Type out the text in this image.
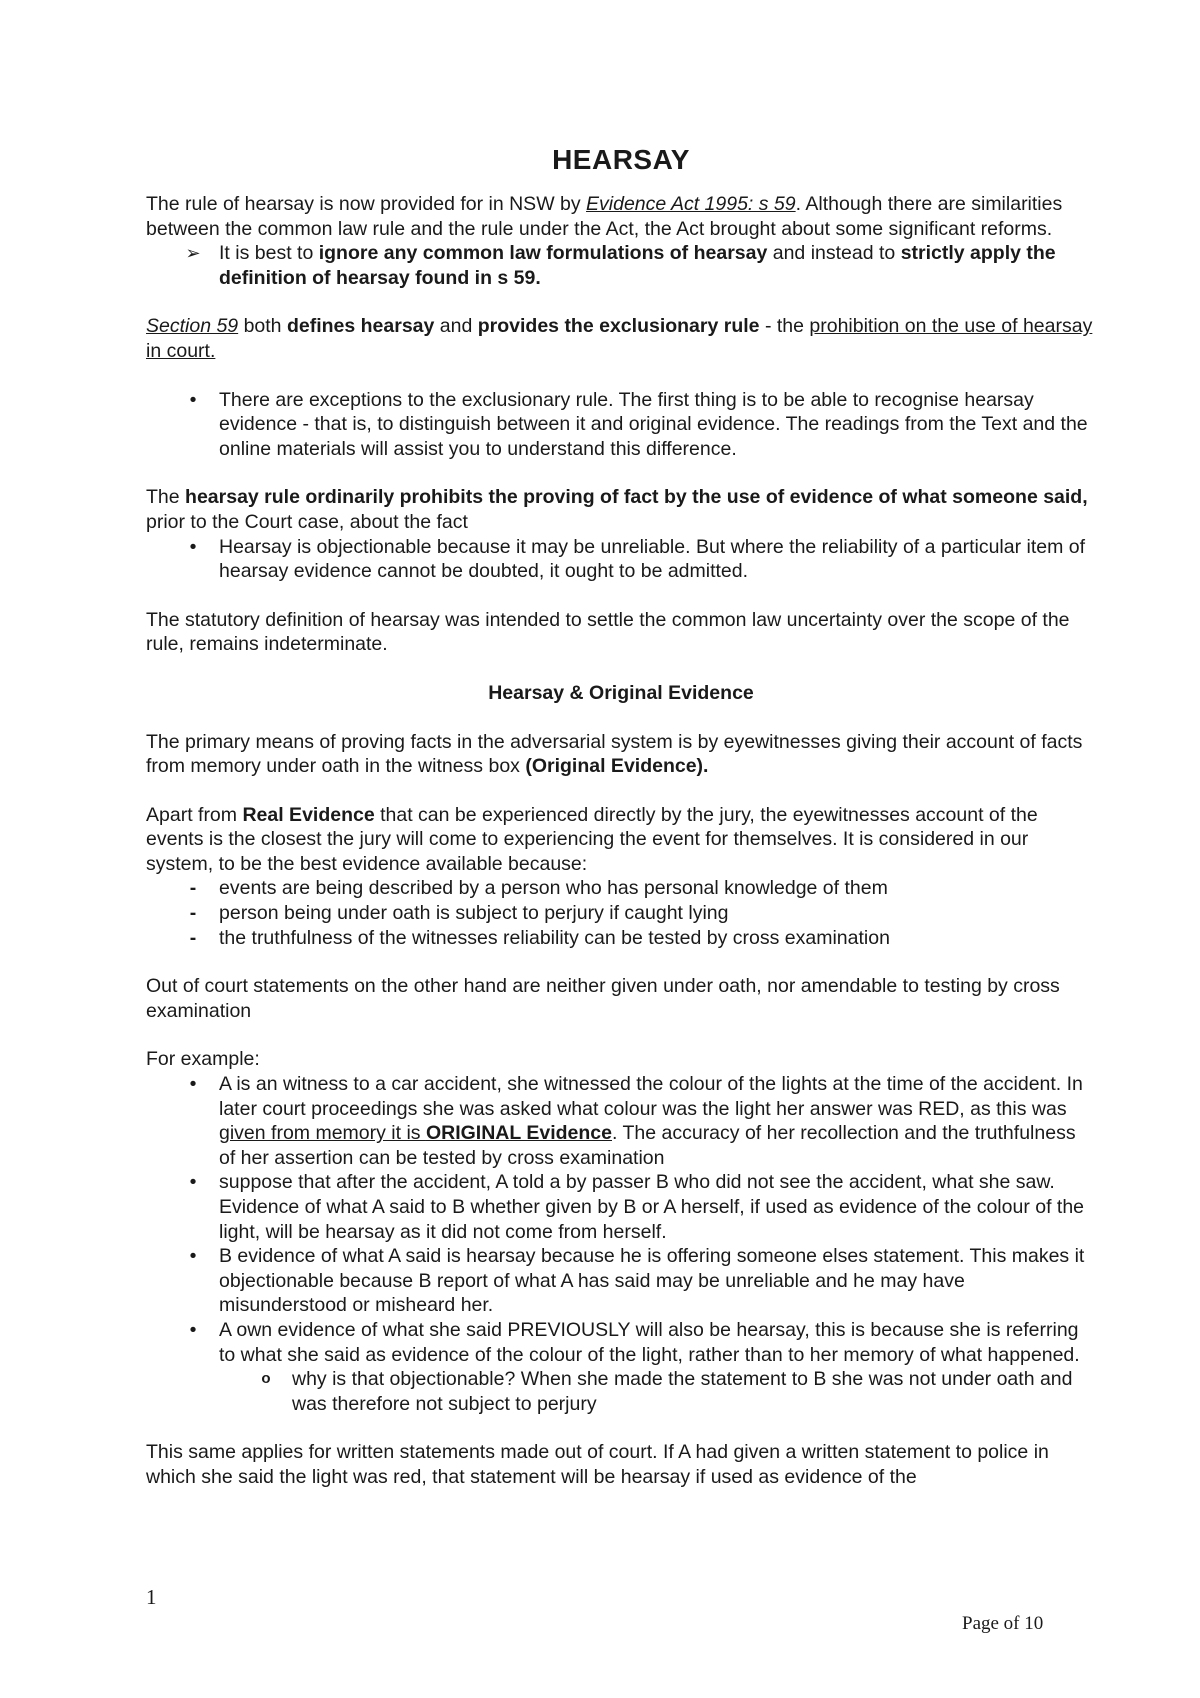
HEARSAY

The rule of hearsay is now provided for in NSW by Evidence Act 1995: s 59. Although there are similarities between the common law rule and the rule under the Act, the Act brought about some significant reforms.

➢ It is best to ignore any common law formulations of hearsay and instead to strictly apply the definition of hearsay found in s 59.

Section 59 both defines hearsay and provides the exclusionary rule - the prohibition on the use of hearsay in court.

•	There are exceptions to the exclusionary rule. The first thing is to be able to recognise hearsay evidence - that is, to distinguish between it and original evidence. The readings from the Text and the online materials will assist you to understand this difference.

The hearsay rule ordinarily prohibits the proving of fact by the use of evidence of what someone said, prior to the Court case, about the fact

•	Hearsay is objectionable because it may be unreliable. But where the reliability of a particular item of hearsay evidence cannot be doubted, it ought to be admitted.

The statutory definition of hearsay was intended to settle the common law uncertainty over the scope of the rule, remains indeterminate.

Hearsay & Original Evidence

The primary means of proving facts in the adversarial system is by eyewitnesses giving their account of facts from memory under oath in the witness box (Original Evidence).

Apart from Real Evidence that can be experienced directly by the jury, the eyewitnesses account of the events is the closest the jury will come to experiencing the event for themselves. It is considered in our system, to be the best evidence available because:

-	events are being described by a person who has personal knowledge of them
-	person being under oath is subject to perjury if caught lying
-	the truthfulness of the witnesses reliability can be tested by cross examination

Out of court statements on the other hand are neither given under oath, nor amendable to testing by cross examination

For example:

•	A is an witness to a car accident, she witnessed the colour of the lights at the time of the accident. In later court proceedings she was asked what colour was the light her answer was RED, as this was given from memory it is ORIGINAL Evidence. The accuracy of her recollection and the truthfulness of her assertion can be tested by cross examination
•	suppose that after the accident, A told a by passer B who did not see the accident, what she saw. Evidence of what A said to B whether given by B or A herself, if used as evidence of the colour of the light, will be hearsay as it did not come from herself.
•	B evidence of what A said is hearsay because he is offering someone elses statement. This makes it objectionable because B report of what A has said may be unreliable and he may have misunderstood or misheard her.
•	A own evidence of what she said PREVIOUSLY will also be hearsay, this is because she is referring to what she said as evidence of the colour of the light, rather than to her memory of what happened.
o	why is that objectionable? When she made the statement to B she was not under oath and was therefore not subject to perjury

This same applies for written statements made out of court. If A had given a written statement to police in which she said the light was red, that statement will be hearsay if used as evidence of the

1
Page of 10
